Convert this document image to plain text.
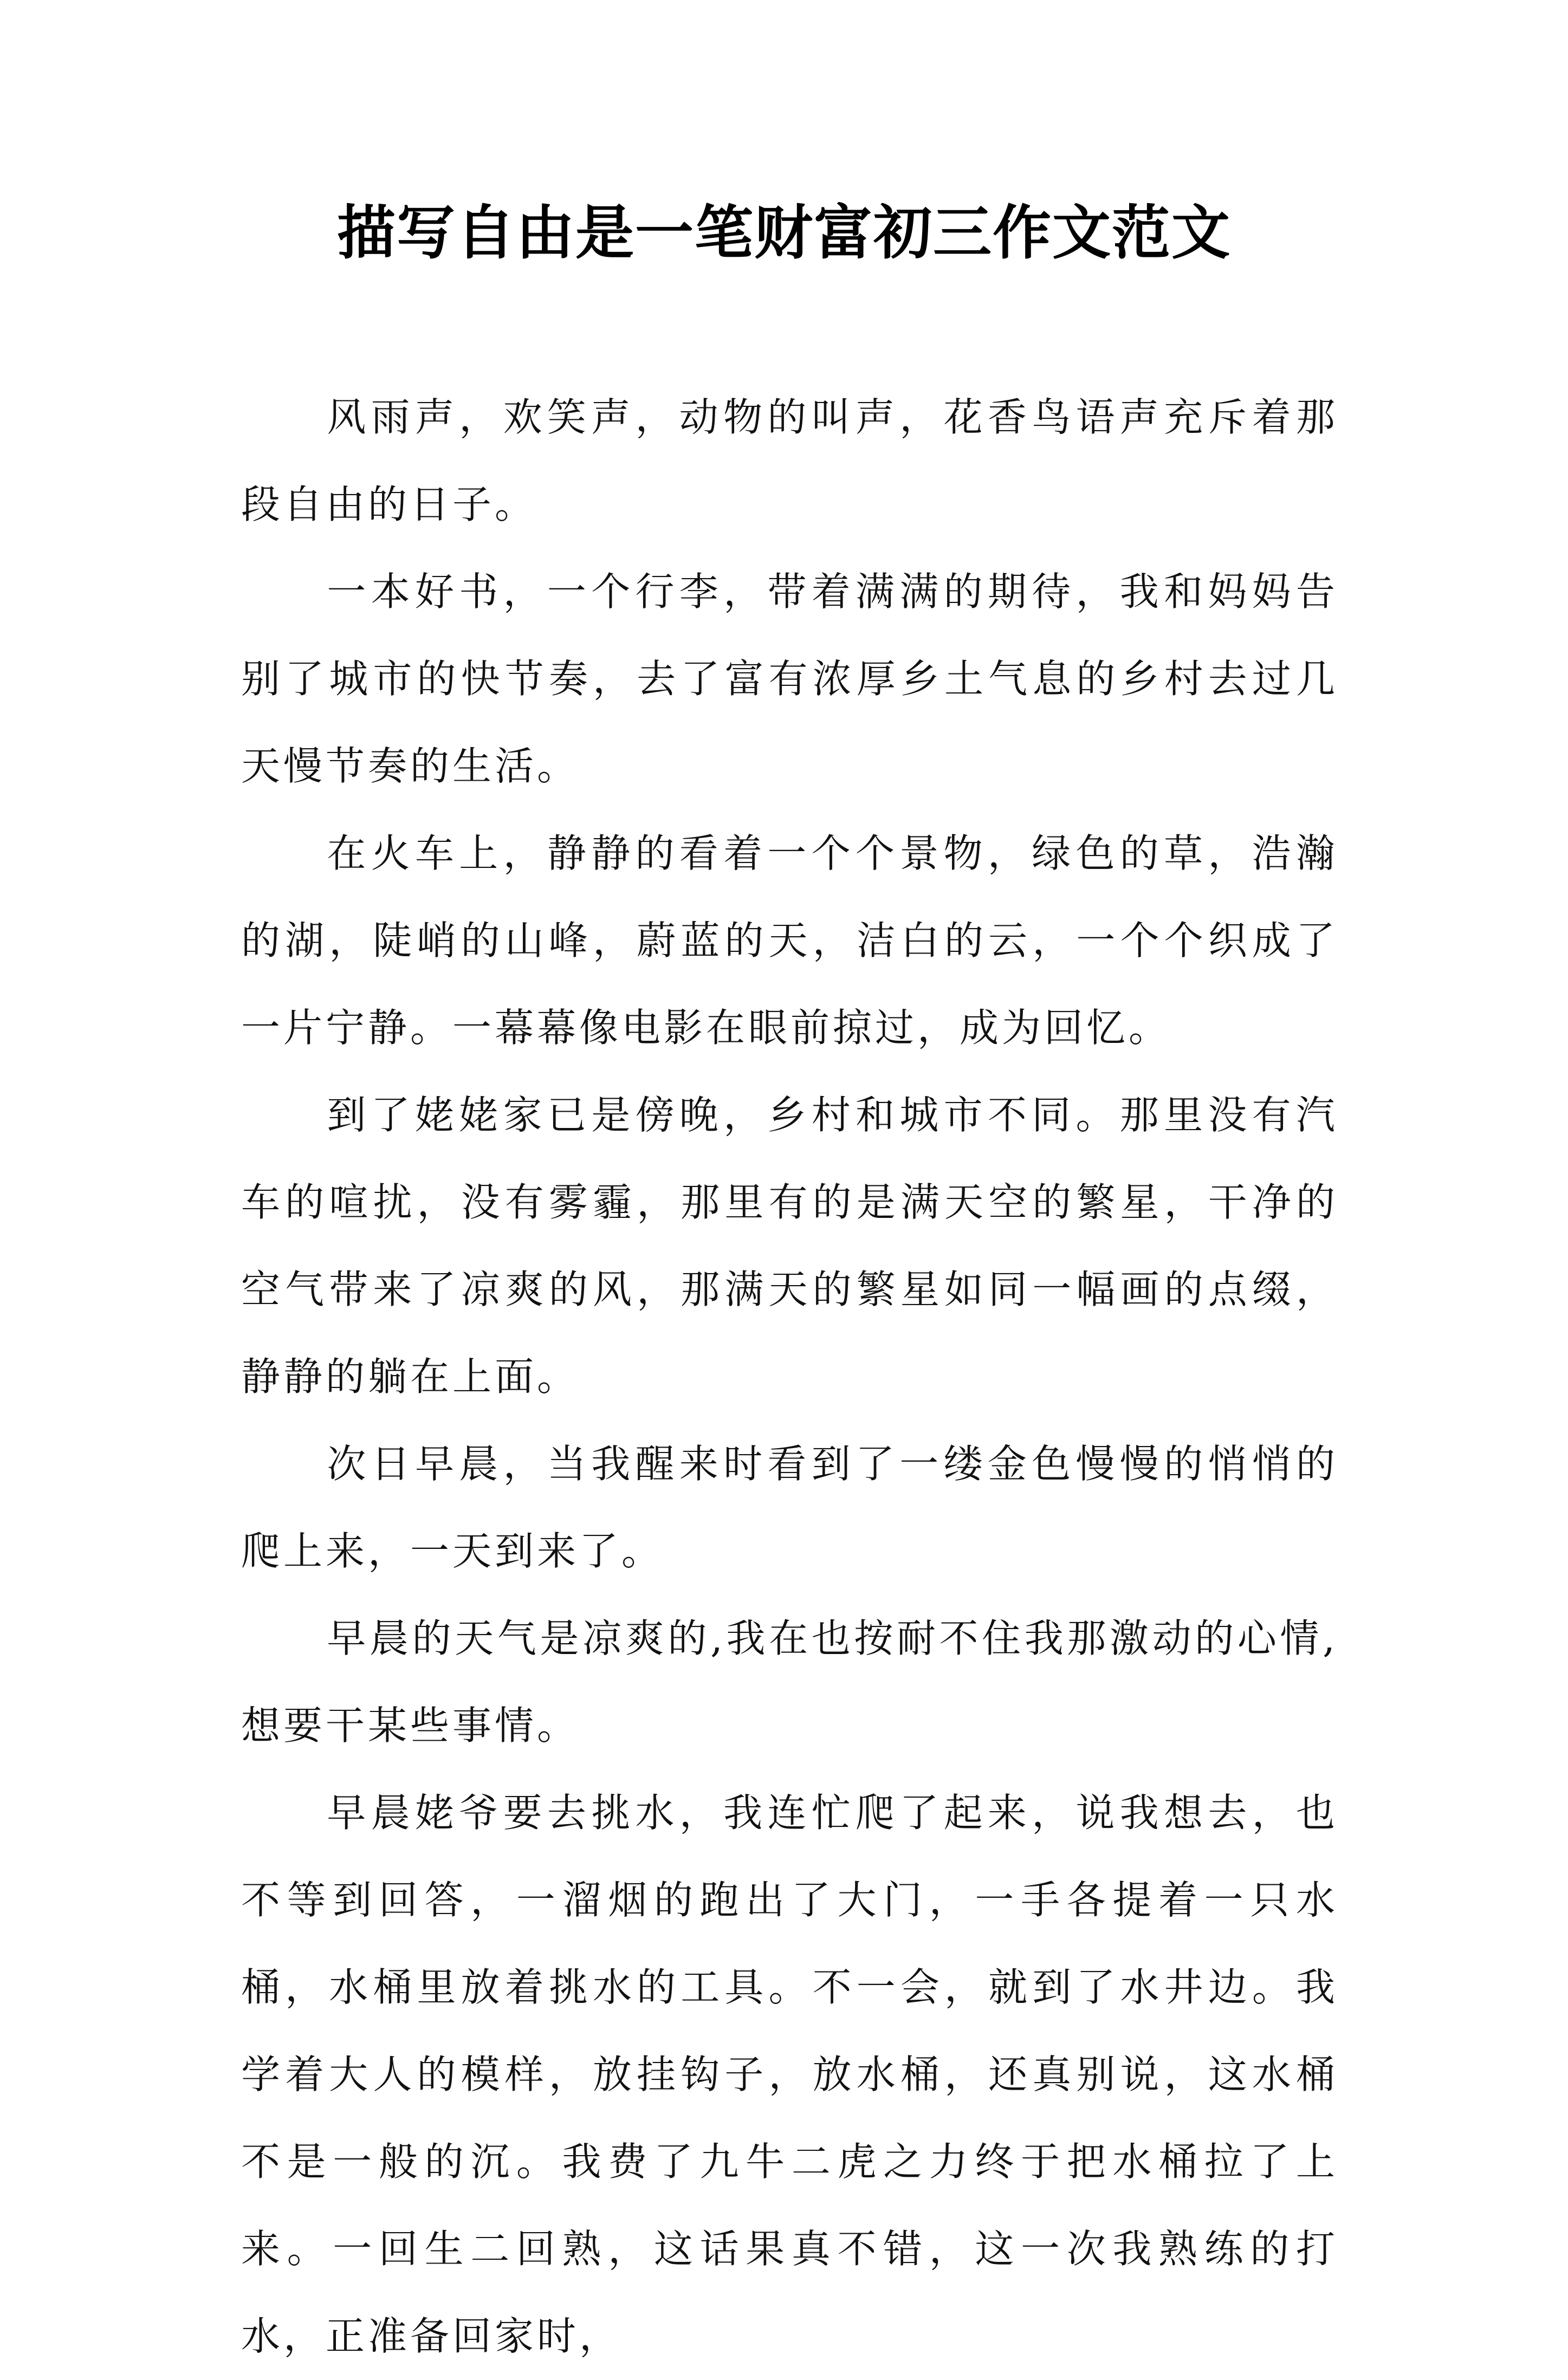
描写自由是一笔财富初三作文范文

风雨声，欢笑声，动物的叫声，花香鸟语声充斥着那段自由的日子。

一本好书，一个行李，带着满满的期待，我和妈妈告别了城市的快节奏，去了富有浓厚乡土气息的乡村去过几天慢节奏的生活。

在火车上，静静的看着一个个景物，绿色的草，浩瀚的湖，陡峭的山峰，蔚蓝的天，洁白的云，一个个织成了一片宁静。一幕幕像电影在眼前掠过，成为回忆。

到了姥姥家已是傍晚，乡村和城市不同。那里没有汽车的喧扰，没有雾霾，那里有的是满天空的繁星，干净的空气带来了凉爽的风，那满天的繁星如同一幅画的点缀，静静的躺在上面。

次日早晨，当我醒来时看到了一缕金色慢慢的悄悄的爬上来，一天到来了。

早晨的天气是凉爽的,我在也按耐不住我那激动的心情,想要干某些事情。

早晨姥爷要去挑水，我连忙爬了起来，说我想去，也不等到回答，一溜烟的跑出了大门，一手各提着一只水桶，水桶里放着挑水的工具。不一会，就到了水井边。我学着大人的模样，放挂钩子，放水桶，还真别说，这水桶不是一般的沉。我费了九牛二虎之力终于把水桶拉了上来。一回生二回熟，这话果真不错，这一次我熟练的打水，正准备回家时，
